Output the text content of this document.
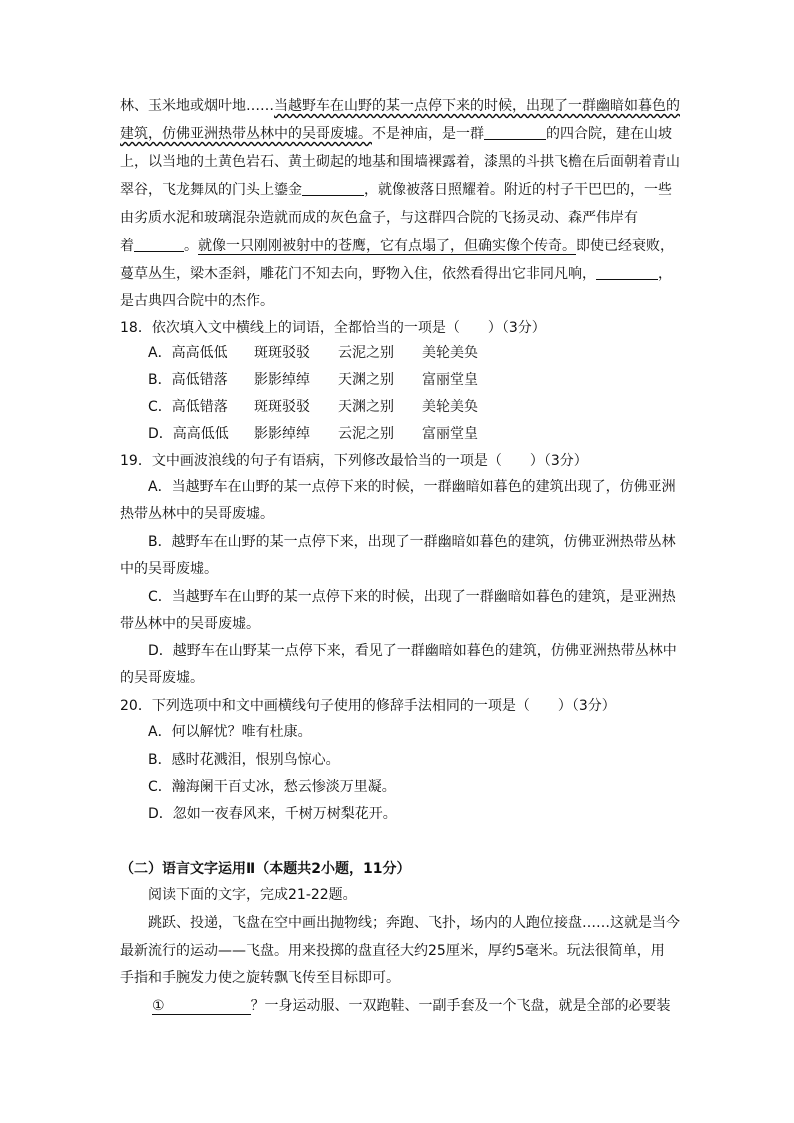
林、玉米地或烟叶地……当越野车在山野的某一点停下来的时候，出现了一群幽暗如暮色的
建筑，仿佛亚洲热带丛林中的吴哥废墟。不是神庙，是一群	的四合院，建在山坡
上，以当地的土黄色岩石、黄土砌起的地基和围墙裸露着，漆黑的斗拱飞檐在后面朝着青山
翠谷，飞龙舞凤的门头上鎏金	，就像被落日照耀着。附近的村子干巴巴的，一些
由劣质水泥和玻璃混杂造就而成的灰色盒子，与这群四合院的飞扬灵动、森严伟岸有
着	。就像一只刚刚被射中的苍鹰，它有点塌了，但确实像个传奇。即使已经衰败，
蔓草丛生，梁木歪斜，雕花门不知去向，野物入住，依然看得出它非同凡响，	，
是古典四合院中的杰作。
18．依次填入文中横线上的词语，全都恰当的一项是（　　）（3分）
A．高高低低 斑斑驳驳 云泥之别 美轮美奂
B．高低错落 影影绰绰 天渊之别 富丽堂皇
C．高低错落 斑斑驳驳 天渊之别 美轮美奂
D．高高低低 影影绰绰 云泥之别 富丽堂皇
19．文中画波浪线的句子有语病，下列修改最恰当的一项是（　　）（3分）
A．当越野车在山野的某一点停下来的时候，一群幽暗如暮色的建筑出现了，仿佛亚洲
热带丛林中的吴哥废墟。
B．越野车在山野的某一点停下来，出现了一群幽暗如暮色的建筑，仿佛亚洲热带丛林
中的吴哥废墟。
C．当越野车在山野的某一点停下来的时候，出现了一群幽暗如暮色的建筑，是亚洲热
带丛林中的吴哥废墟。
D．越野车在山野某一点停下来，看见了一群幽暗如暮色的建筑，仿佛亚洲热带丛林中
的吴哥废墟。
20．下列选项中和文中画横线句子使用的修辞手法相同的一项是（　　）（3分）
A．何以解忧？唯有杜康。
B．感时花溅泪，恨别鸟惊心。
C．瀚海阑干百丈冰，愁云惨淡万里凝。
D．忽如一夜春风来，千树万树梨花开。
（二）语言文字运用Ⅱ（本题共2小题，11分）
阅读下面的文字，完成21-22题。
跳跃、投递，飞盘在空中画出抛物线；奔跑、飞扑，场内的人跑位接盘……这就是当今
最新流行的运动——飞盘。用来投掷的盘直径大约25厘米，厚约5毫米。玩法很简单，用
手指和手腕发力使之旋转飘飞传至目标即可。
①	？一身运动服、一双跑鞋、一副手套及一个飞盘，就是全部的必要装
